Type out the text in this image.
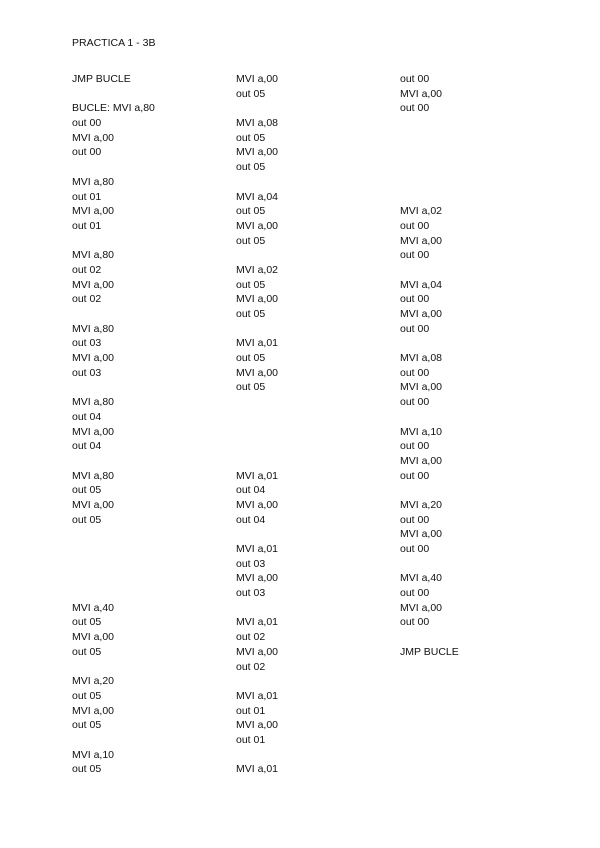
PRACTICA 1 - 3B
JMP BUCLE
BUCLE: MVI a,80
out 00
MVI a,00
out 00
MVI a,80
out 01
MVI a,00
out 01
MVI a,80
out 02
MVI a,00
out 02
MVI a,80
out 03
MVI a,00
out 03
MVI a,80
out 04
MVI a,00
out 04
MVI a,80
out 05
MVI a,00
out 05
MVI a,40
out 05
MVI a,00
out 05
MVI a,20
out 05
MVI a,00
out 05
MVI a,10
out 05
MVI a,00
out 05
MVI a,08
out 05
MVI a,00
out 05
MVI a,04
out 05
MVI a,00
out 05
MVI a,02
out 05
MVI a,00
out 05
MVI a,01
out 05
MVI a,00
out 05
MVI a,01
out 04
MVI a,00
out 04
MVI a,01
out 03
MVI a,00
out 03
MVI a,01
out 02
MVI a,00
out 02
MVI a,01
out 01
MVI a,00
out 01
MVI a,01
out 00
MVI a,00
out 00
MVI a,02
out 00
MVI a,00
out 00
MVI a,04
out 00
MVI a,00
out 00
MVI a,08
out 00
MVI a,00
out 00
MVI a,10
out 00
MVI a,00
out 00
MVI a,20
out 00
MVI a,00
out 00
MVI a,40
out 00
MVI a,00
out 00
JMP BUCLE
